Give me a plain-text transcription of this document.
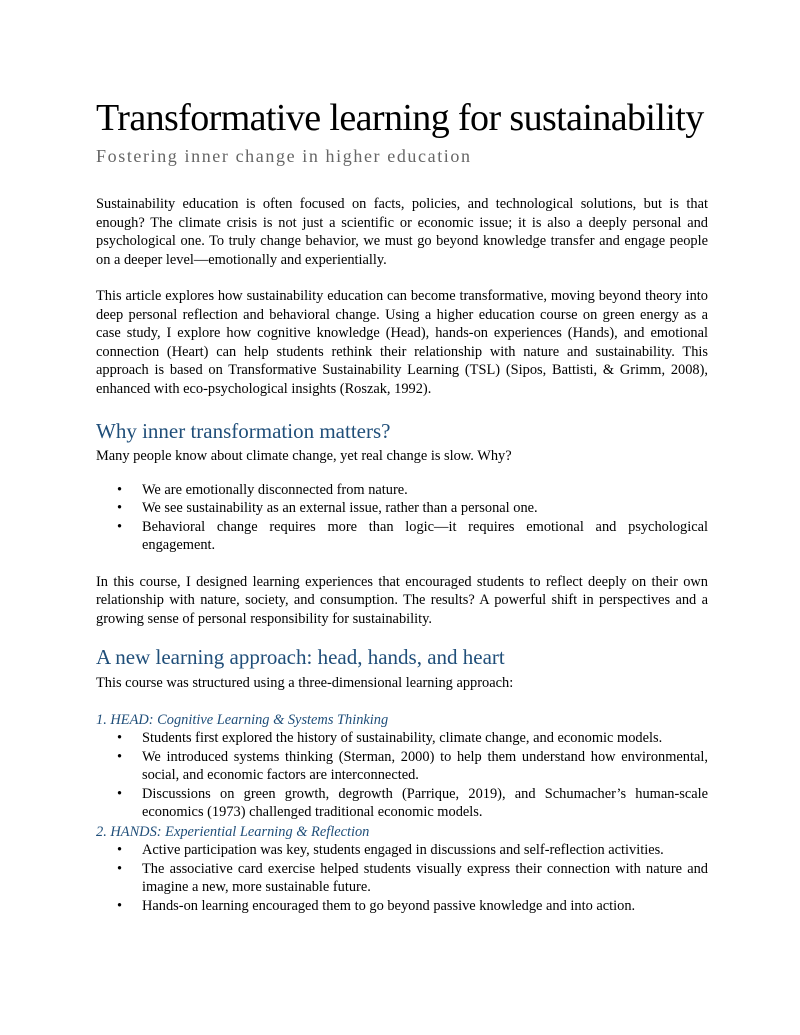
Transformative learning for sustainability
Fostering inner change in higher education

Sustainability education is often focused on facts, policies, and technological solutions, but is that enough? The climate crisis is not just a scientific or economic issue; it is also a deeply personal and psychological one. To truly change behavior, we must go beyond knowledge transfer and engage people on a deeper level—emotionally and experientially.

This article explores how sustainability education can become transformative, moving beyond theory into deep personal reflection and behavioral change. Using a higher education course on green energy as a case study, I explore how cognitive knowledge (Head), hands-on experiences (Hands), and emotional connection (Heart) can help students rethink their relationship with nature and sustainability. This approach is based on Transformative Sustainability Learning (TSL) (Sipos, Battisti, & Grimm, 2008), enhanced with eco-psychological insights (Roszak, 1992).

Why inner transformation matters?

Many people know about climate change, yet real change is slow. Why?

• We are emotionally disconnected from nature.
• We see sustainability as an external issue, rather than a personal one.
• Behavioral change requires more than logic—it requires emotional and psychological engagement.

In this course, I designed learning experiences that encouraged students to reflect deeply on their own relationship with nature, society, and consumption. The results? A powerful shift in perspectives and a growing sense of personal responsibility for sustainability.

A new learning approach: head, hands, and heart

This course was structured using a three-dimensional learning approach:

1. HEAD: Cognitive Learning & Systems Thinking
• Students first explored the history of sustainability, climate change, and economic models.
• We introduced systems thinking (Sterman, 2000) to help them understand how environmental, social, and economic factors are interconnected.
• Discussions on green growth, degrowth (Parrique, 2019), and Schumacher’s human-scale economics (1973) challenged traditional economic models.
2. HANDS: Experiential Learning & Reflection
• Active participation was key, students engaged in discussions and self-reflection activities.
• The associative card exercise helped students visually express their connection with nature and imagine a new, more sustainable future.
• Hands-on learning encouraged them to go beyond passive knowledge and into action.
